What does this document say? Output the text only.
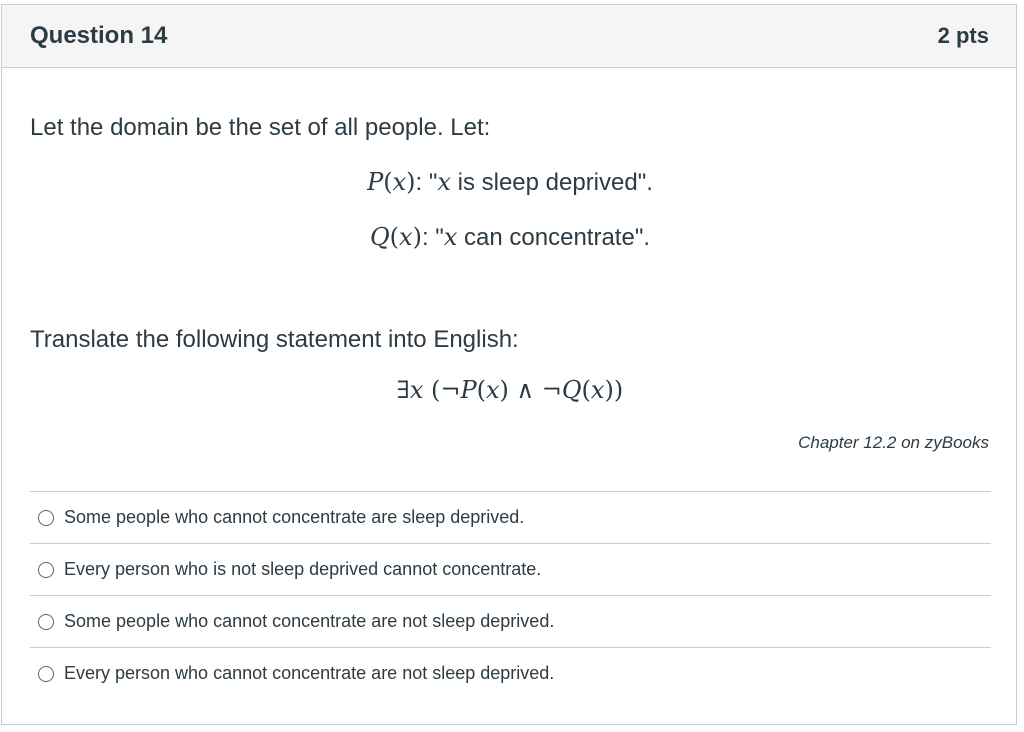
Question 14	2 pts
Let the domain be the set of all people. Let:
P(x): "x is sleep deprived".
Q(x): "x can concentrate".
Translate the following statement into English:
∃x (¬P(x) ∧ ¬Q(x))
Chapter 12.2 on zyBooks
Some people who cannot concentrate are sleep deprived.
Every person who is not sleep deprived cannot concentrate.
Some people who cannot concentrate are not sleep deprived.
Every person who cannot concentrate are not sleep deprived.
